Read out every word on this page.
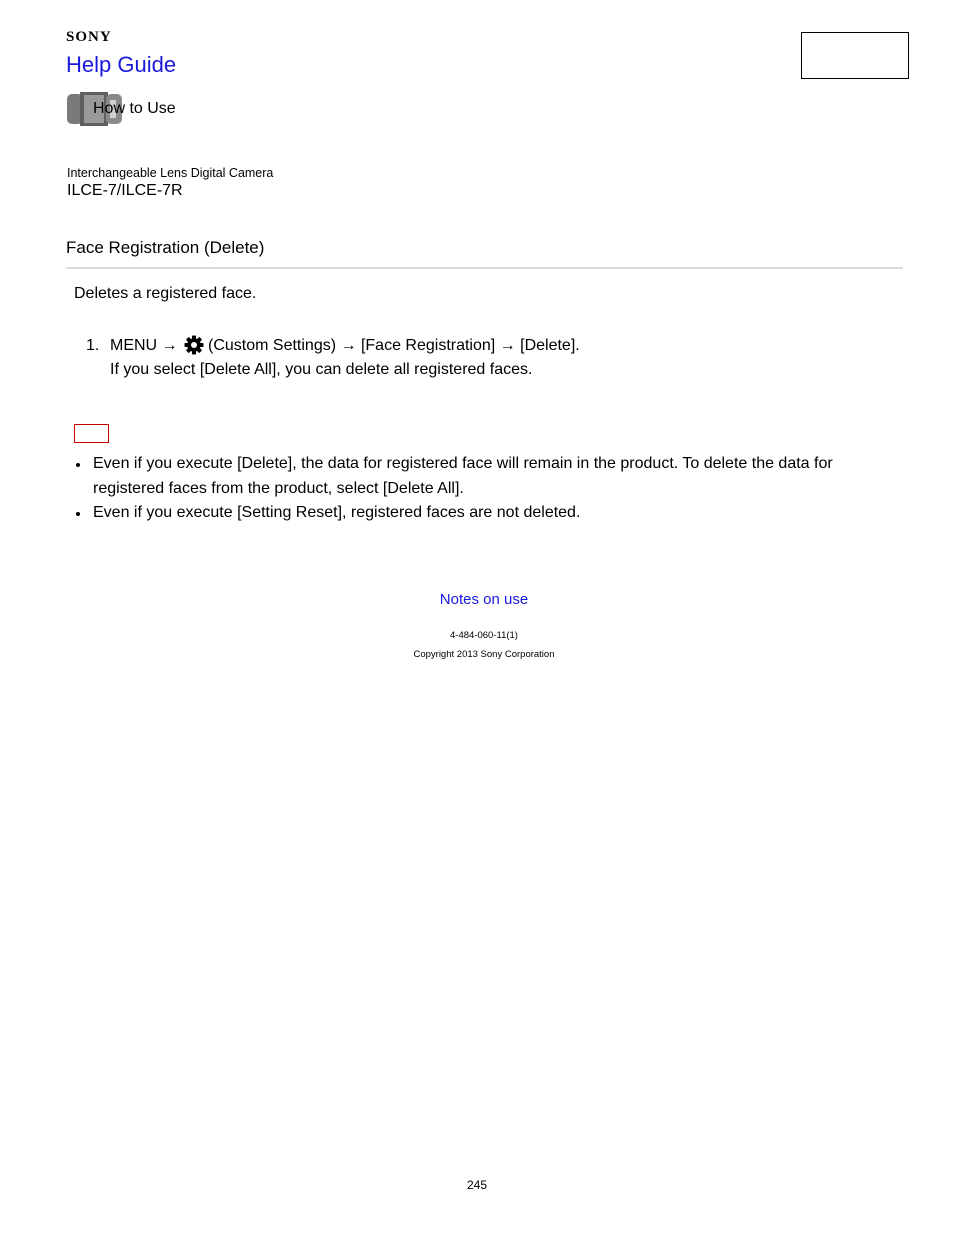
SONY
Help Guide
How to Use
Interchangeable Lens Digital Camera
ILCE-7/ILCE-7R
Face Registration (Delete)
Deletes a registered face.
1. MENU → (Custom Settings) → [Face Registration] → [Delete].
If you select [Delete All], you can delete all registered faces.
Even if you execute [Delete], the data for registered face will remain in the product. To delete the data for registered faces from the product, select [Delete All].
Even if you execute [Setting Reset], registered faces are not deleted.
Notes on use
4-484-060-11(1)
Copyright 2013 Sony Corporation
245
